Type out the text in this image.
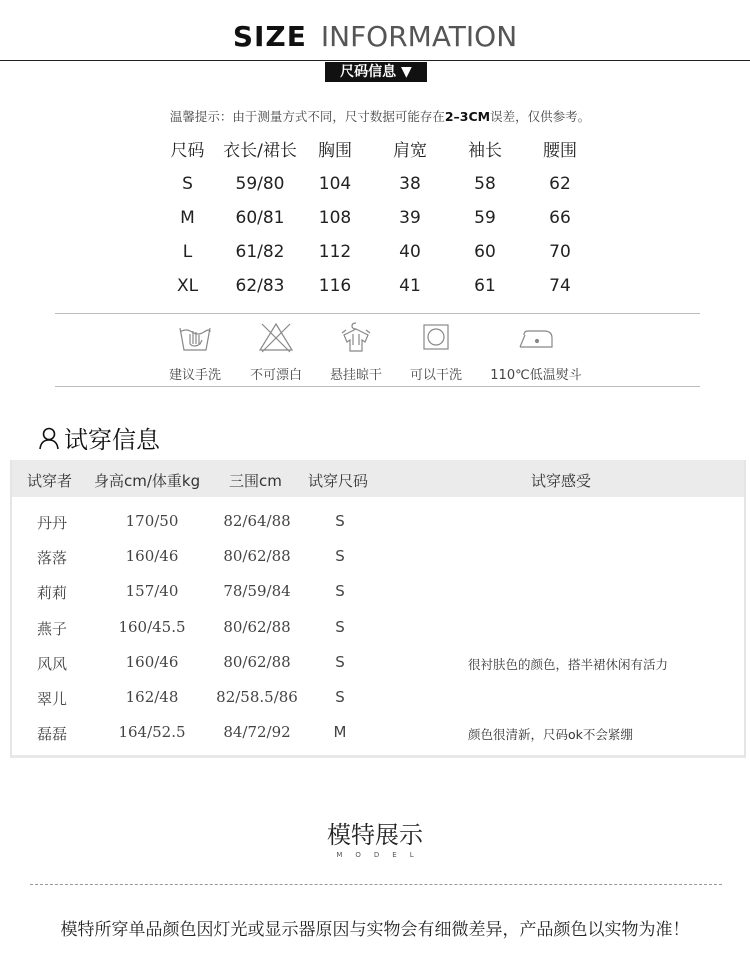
SIZE INFORMATION
尺码信息 ▼
温馨提示：由于测量方式不同，尺寸数据可能存在2–3CM误差，仅供参考。
尺码	衣长/裙长	胸围	肩宽	袖长	腰围
S	59/80	104	38	58	62
M	60/81	108	39	59	66
L	61/82	112	40	60	70
XL	62/83	116	41	61	74
建议手洗	不可漂白	悬挂晾干	可以干洗	110℃低温熨斗
试穿信息
试穿者 身高cm/体重kg 三围cm 试穿尺码	试穿感受
丹丹	170/50	82/64/88	S
落落	160/46	80/62/88	S
莉莉	157/40	78/59/84	S
燕子	160/45.5	80/62/88	S
风风	160/46	80/62/88	S	很衬肤色的颜色，搭半裙休闲有活力
翠儿	162/48	82/58.5/86	S
磊磊	164/52.5	84/72/92	M	颜色很清新，尺码ok不会紧绷
模特展示
MODEL
模特所穿单品颜色因灯光或显示器原因与实物会有细微差异，产品颜色以实物为准！
